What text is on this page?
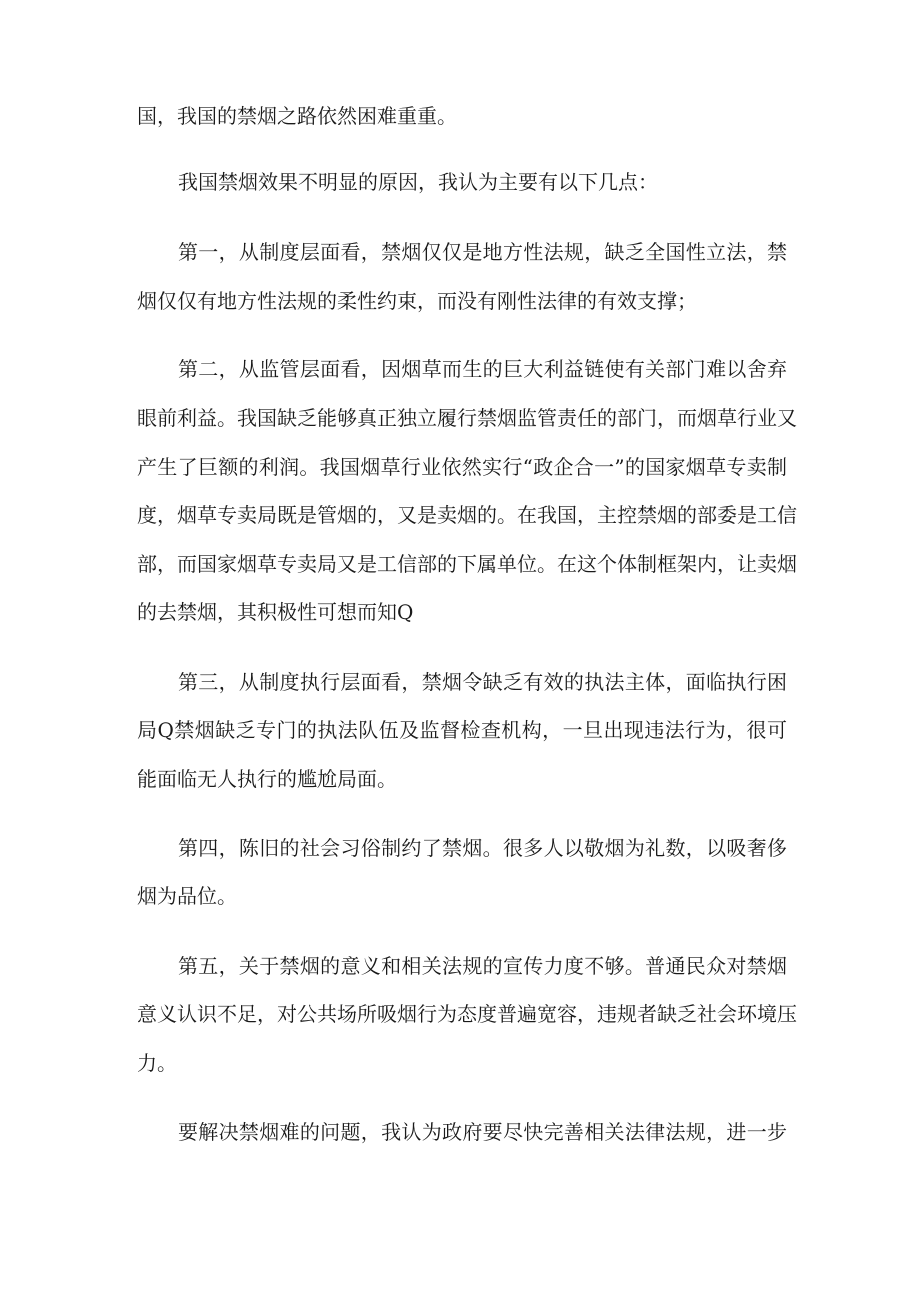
国，我国的禁烟之路依然困难重重。
我国禁烟效果不明显的原因，我认为主要有以下几点：
第一，从制度层面看，禁烟仅仅是地方性法规，缺乏全国性立法，禁
烟仅仅有地方性法规的柔性约束，而没有刚性法律的有效支撑；
第二，从监管层面看，因烟草而生的巨大利益链使有关部门难以舍弃
眼前利益。我国缺乏能够真正独立履行禁烟监管责任的部门，而烟草行业又
产生了巨额的利润。我国烟草行业依然实行“政企合一”的国家烟草专卖制
度，烟草专卖局既是管烟的，又是卖烟的。在我国，主控禁烟的部委是工信
部，而国家烟草专卖局又是工信部的下属单位。在这个体制框架内，让卖烟
的去禁烟，其积极性可想而知Q
第三，从制度执行层面看，禁烟令缺乏有效的执法主体，面临执行困
局Q禁烟缺乏专门的执法队伍及监督检查机构，一旦出现违法行为，很可
能面临无人执行的尴尬局面。
第四，陈旧的社会习俗制约了禁烟。很多人以敬烟为礼数，以吸奢侈
烟为品位。
第五，关于禁烟的意义和相关法规的宣传力度不够。普通民众对禁烟
意义认识不足，对公共场所吸烟行为态度普遍宽容，违规者缺乏社会环境压
力。
要解决禁烟难的问题，我认为政府要尽快完善相关法律法规，进一步
